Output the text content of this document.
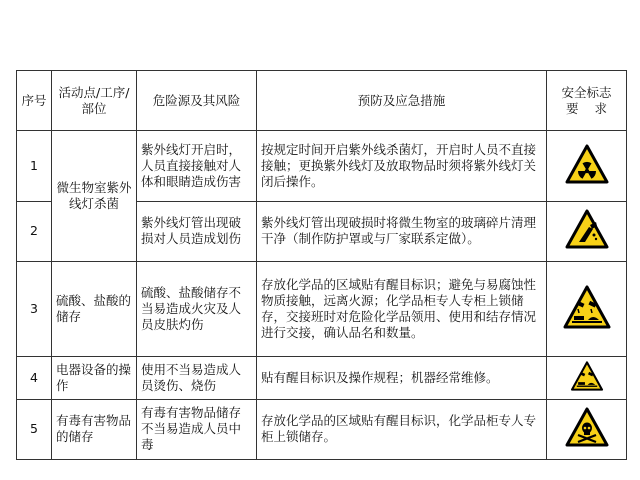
序号	活动点/工序/部位	危险源及其风险	预防及应急措施	安全标志
要    求

1	微生物室紫外线灯杀菌	紫外线灯开启时，人员直接接触对人体和眼睛造成伤害	按规定时间开启紫外线杀菌灯，开启时人员不直接接触；更换紫外线灯及放取物品时须将紫外线灯关闭后操作。	
2		紫外线灯管出现破损对人员造成划伤	紫外线灯管出现破损时将微生物室的玻璃碎片清理干净（制作防护罩或与厂家联系定做）。	
3	硫酸、盐酸的储存	硫酸、盐酸储存不当易造成火灾及人员皮肤灼伤	存放化学品的区域贴有醒目标识；避免与易腐蚀性物质接触，远离火源；化学品柜专人专柜上锁储存，交接班时对危险化学品领用、使用和结存情况进行交接，确认品名和数量。	
4	电器设备的操作	使用不当易造成人员烫伤、烧伤	贴有醒目标识及操作规程；机器经常维修。	
5	有毒有害物品的储存	有毒有害物品储存不当易造成人员中毒	存放化学品的区域贴有醒目标识，化学品柜专人专柜上锁储存。	
